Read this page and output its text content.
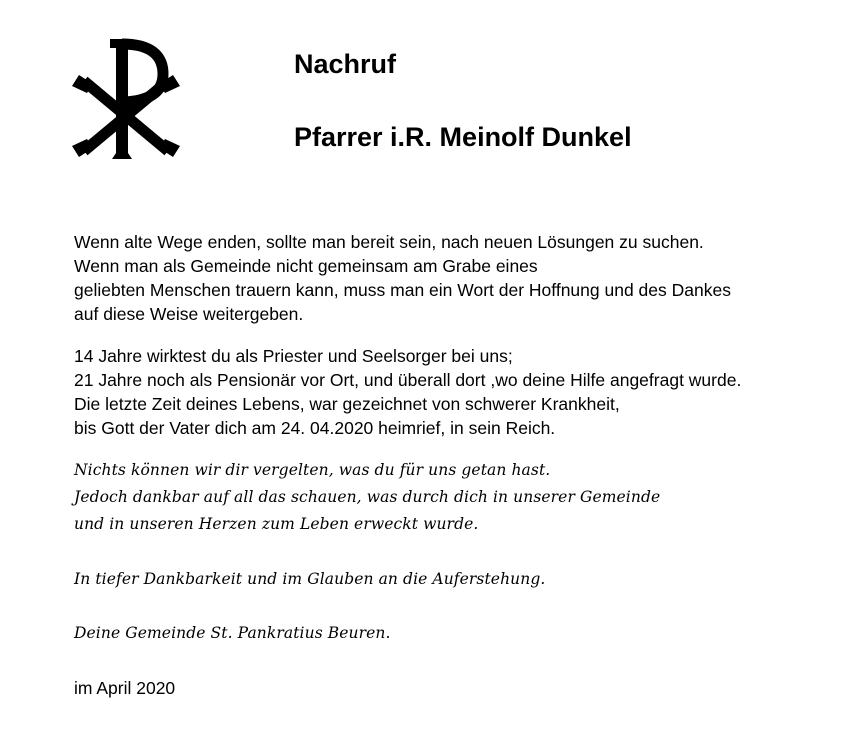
Nachruf
Pfarrer i.R. Meinolf Dunkel

Wenn alte Wege enden, sollte man bereit sein, nach neuen Lösungen zu suchen.
Wenn man als Gemeinde nicht gemeinsam am Grabe eines
geliebten Menschen trauern kann, muss man ein Wort der Hoffnung und des Dankes
auf diese Weise weitergeben.

14 Jahre wirktest du als Priester und Seelsorger bei uns;
21 Jahre noch als Pensionär vor Ort, und überall dort ,wo deine Hilfe angefragt wurde.
Die letzte Zeit deines Lebens, war gezeichnet von schwerer Krankheit,
bis Gott der Vater dich am 24. 04.2020 heimrief, in sein Reich.

Nichts können wir dir vergelten, was du für uns getan hast.
Jedoch dankbar auf all das schauen, was durch dich in unserer Gemeinde
und in unseren Herzen zum Leben erweckt wurde.

In tiefer Dankbarkeit und im Glauben an die Auferstehung.

Deine Gemeinde St. Pankratius Beuren.

im April 2020
